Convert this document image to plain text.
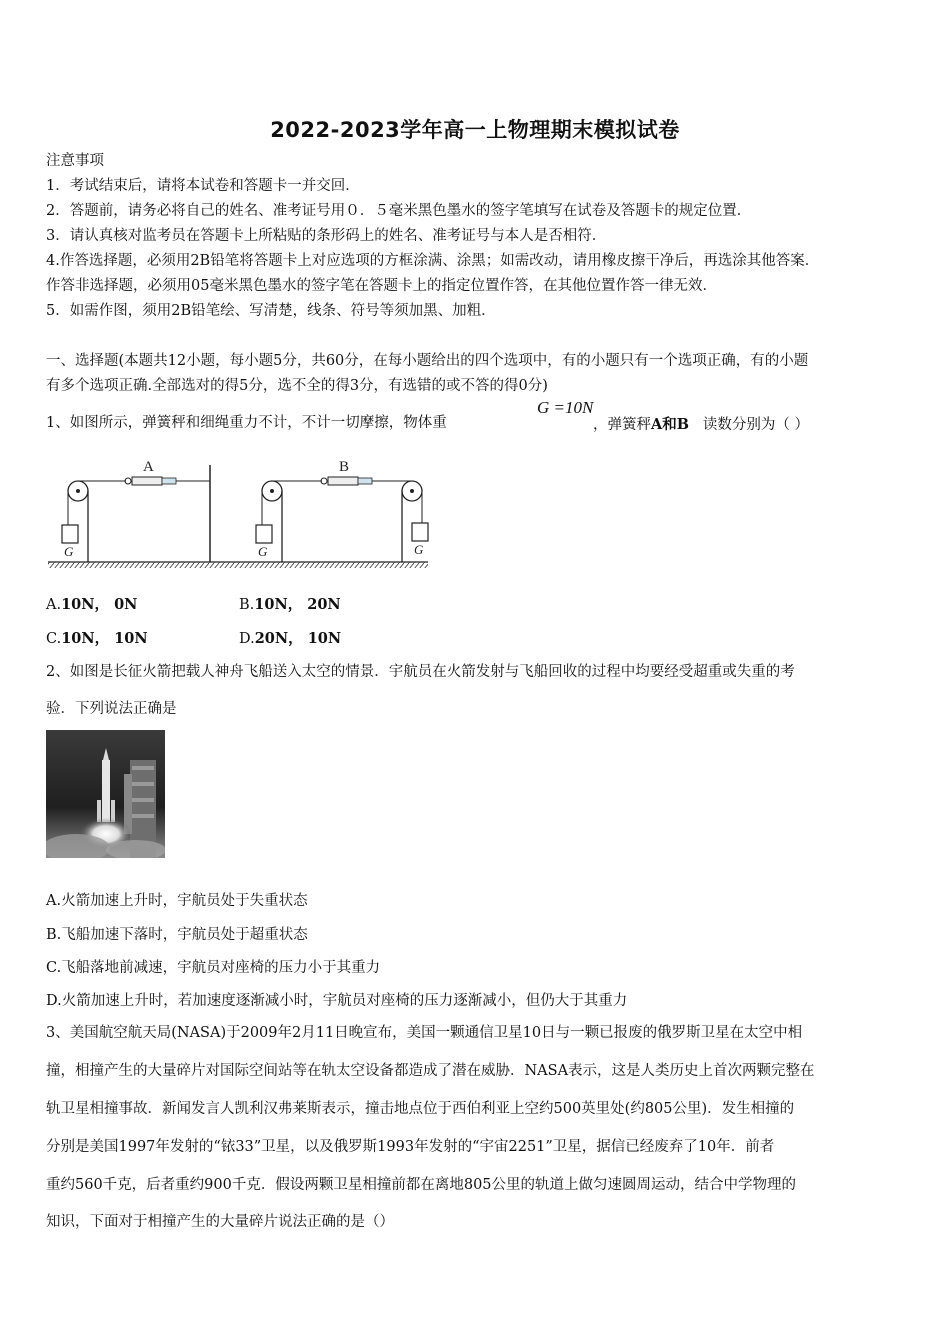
2022-2023学年高一上物理期末模拟试卷
注意事项
1．考试结束后，请将本试卷和答题卡一并交回．
2．答题前，请务必将自己的姓名、准考证号用０．５毫米黑色墨水的签字笔填写在试卷及答题卡的规定位置．
3．请认真核对监考员在答题卡上所粘贴的条形码上的姓名、准考证号与本人是否相符．
4.作答选择题，必须用2B铅笔将答题卡上对应选项的方框涂满、涂黑；如需改动，请用橡皮擦干净后，再选涂其他答案．
作答非选择题，必须用05毫米黑色墨水的签字笔在答题卡上的指定位置作答，在其他位置作答一律无效．
5．如需作图，须用2B铅笔绘、写清楚，线条、符号等须加黑、加粗．
一、选择题(本题共12小题，每小题5分，共60分，在每小题给出的四个选项中，有的小题只有一个选项正确，有的小题
有多个选项正确.全部选对的得5分，选不全的得3分，有选错的或不答的得0分)
1、如图所示，弹簧秤和细绳重力不计，不计一切摩擦，物体重
G =10N
，弹簧秤A和B 读数分别为（ ）
G
A
G
B
G
A.10N， 0N	B.10N， 20N
C.10N， 10N	D.20N， 10N
2、如图是长征火箭把载人神舟飞船送入太空的情景．宇航员在火箭发射与飞船回收的过程中均要经受超重或失重的考
验．下列说法正确是
A.火箭加速上升时，宇航员处于失重状态
B.飞船加速下落时，宇航员处于超重状态
C.飞船落地前减速，宇航员对座椅的压力小于其重力
D.火箭加速上升时，若加速度逐渐减小时，宇航员对座椅的压力逐渐减小，但仍大于其重力
3、美国航空航天局(NASA)于2009年2月11日晚宣布，美国一颗通信卫星10日与一颗已报废的俄罗斯卫星在太空中相
撞，相撞产生的大量碎片对国际空间站等在轨太空设备都造成了潜在威胁．NASA表示，这是人类历史上首次两颗完整在
轨卫星相撞事故．新闻发言人凯利汉弗莱斯表示，撞击地点位于西伯利亚上空约500英里处(约805公里)．发生相撞的
分别是美国1997年发射的“铱33”卫星，以及俄罗斯1993年发射的“宇宙2251”卫星，据信已经废弃了10年．前者
重约560千克，后者重约900千克．假设两颗卫星相撞前都在离地805公里的轨道上做匀速圆周运动，结合中学物理的
知识，下面对于相撞产生的大量碎片说法正确的是（）
